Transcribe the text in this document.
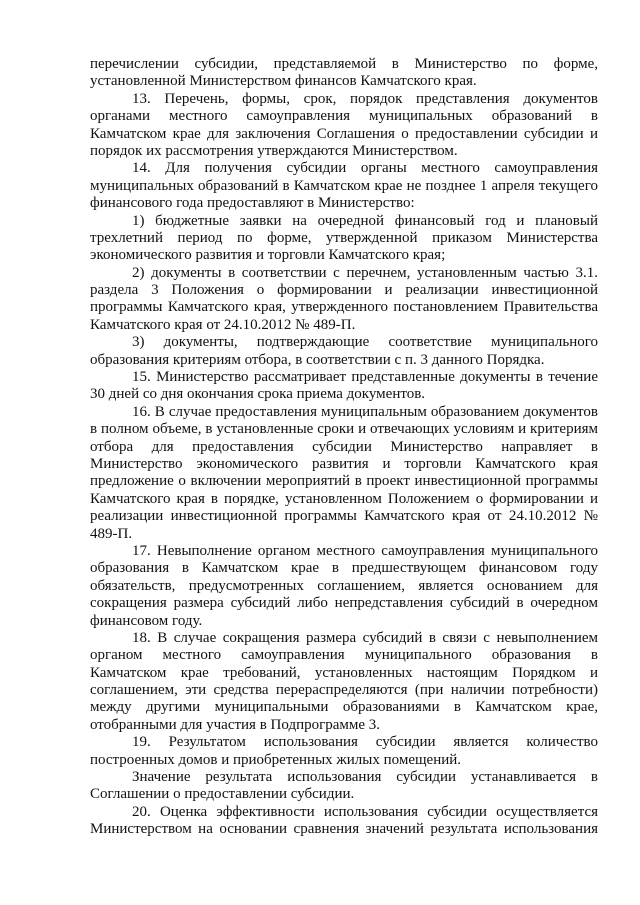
перечислении субсидии, представляемой в Министерство по форме,
установленной Министерством финансов Камчатского края.
13. Перечень, формы, срок, порядок представления документов
органами местного самоуправления муниципальных образований в
Камчатском крае для заключения Соглашения о предоставлении субсидии и
порядок их рассмотрения утверждаются Министерством.
14. Для получения субсидии органы местного самоуправления
муниципальных образований в Камчатском крае не позднее 1 апреля текущего
финансового года предоставляют в Министерство:
1) бюджетные заявки на очередной финансовый год и плановый
трехлетний период по форме, утвержденной приказом Министерства
экономического развития и торговли Камчатского края;
2) документы в соответствии с перечнем, установленным частью 3.1.
раздела 3 Положения о формировании и реализации инвестиционной
программы Камчатского края, утвержденного постановлением Правительства
Камчатского края от 24.10.2012 № 489-П.
3) документы, подтверждающие соответствие муниципального
образования критериям отбора, в соответствии с п. 3 данного Порядка.
15. Министерство рассматривает представленные документы в течение
30 дней со дня окончания срока приема документов.
16. В случае предоставления муниципальным образованием документов
в полном объеме, в установленные сроки и отвечающих условиям и критериям
отбора для предоставления субсидии Министерство направляет в
Министерство экономического развития и торговли Камчатского края
предложение о включении мероприятий в проект инвестиционной программы
Камчатского края в порядке, установленном Положением о формировании и
реализации инвестиционной программы Камчатского края от 24.10.2012 №
489-П.
17. Невыполнение органом местного самоуправления муниципального
образования в Камчатском крае в предшествующем финансовом году
обязательств, предусмотренных соглашением, является основанием для
сокращения размера субсидий либо непредставления субсидий в очередном
финансовом году.
18. В случае сокращения размера субсидий в связи с невыполнением
органом местного самоуправления муниципального образования в
Камчатском крае требований, установленных настоящим Порядком и
соглашением, эти средства перераспределяются (при наличии потребности)
между другими муниципальными образованиями в Камчатском крае,
отобранными для участия в Подпрограмме 3.
19. Результатом использования субсидии является количество
построенных домов и приобретенных жилых помещений.
Значение результата использования субсидии устанавливается в
Соглашении о предоставлении субсидии.
20. Оценка эффективности использования субсидии осуществляется
Министерством на основании сравнения значений результата использования
